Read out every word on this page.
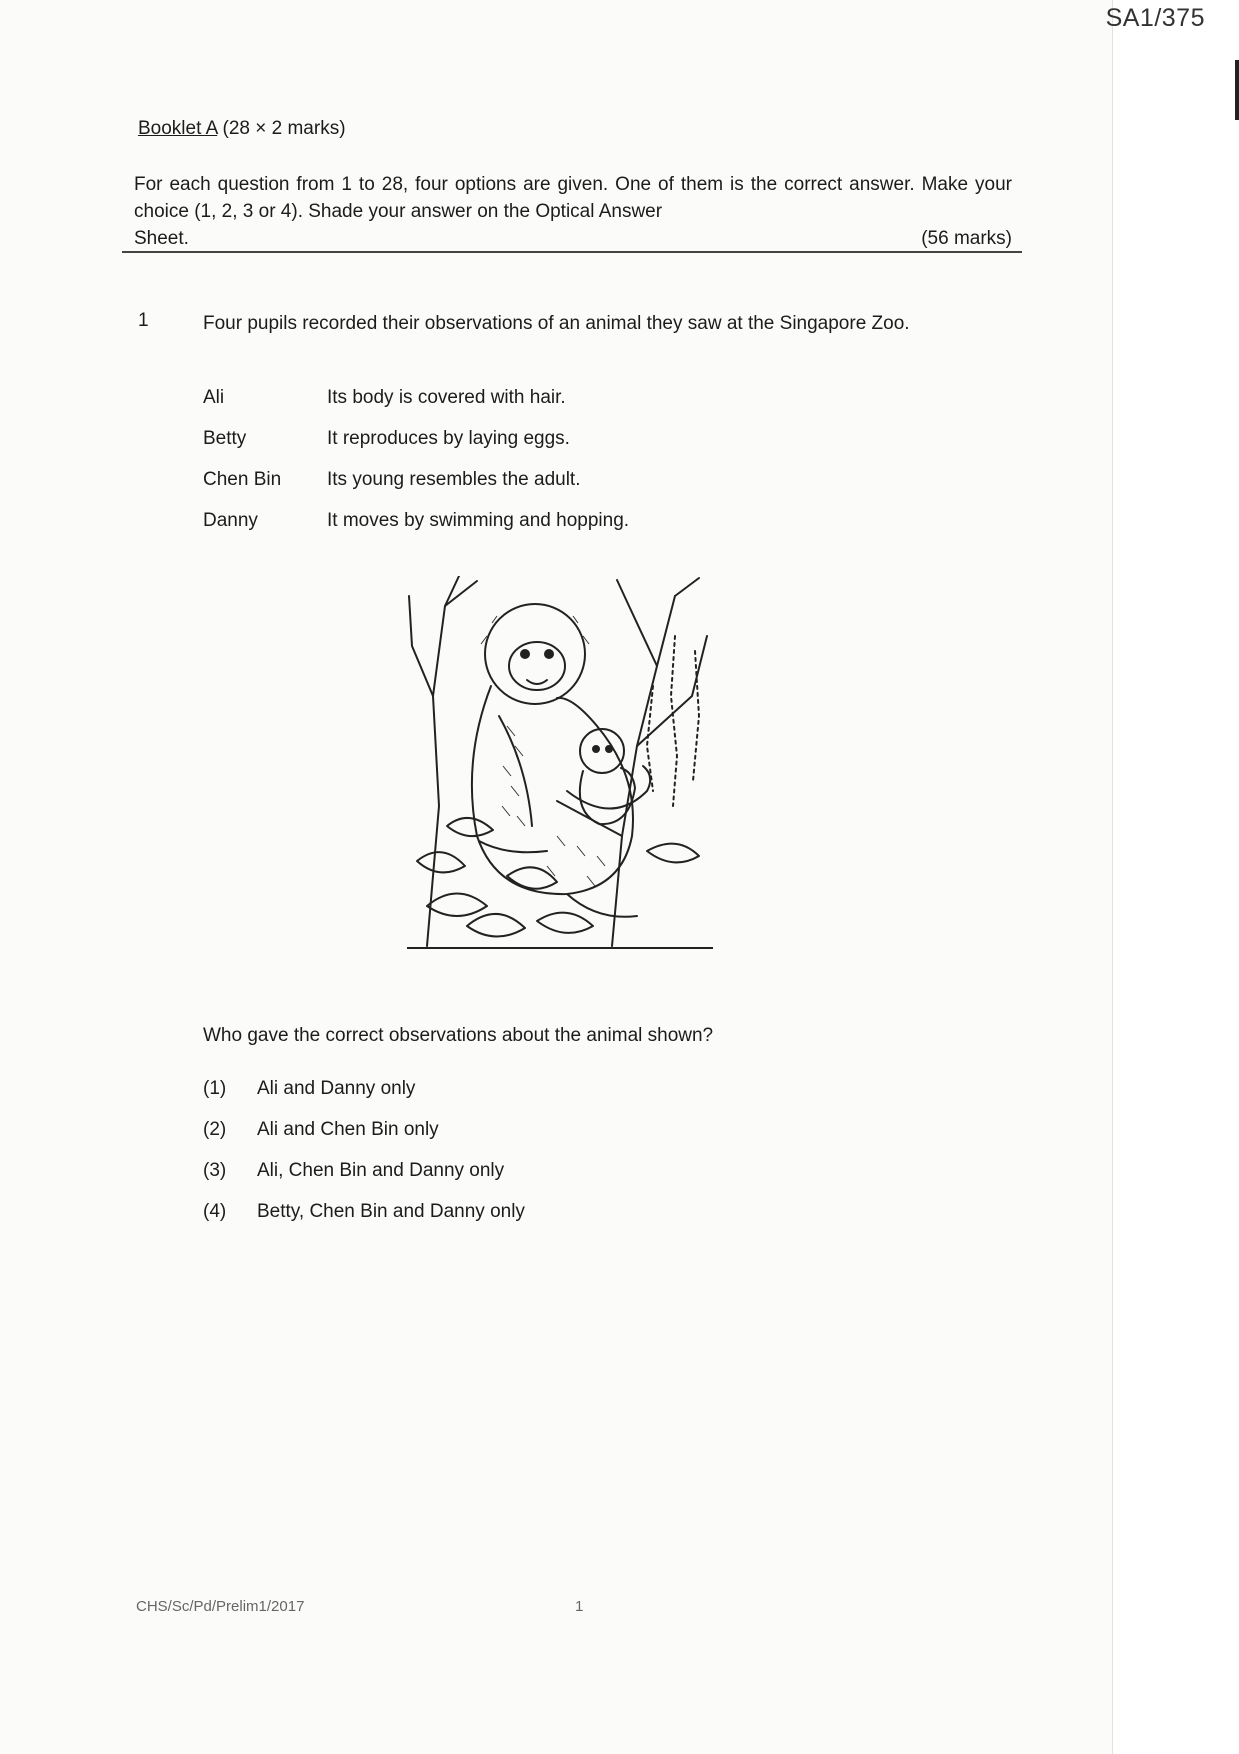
Booklet A (28 × 2 marks)
For each question from 1 to 28, four options are given. One of them is the correct answer. Make your choice (1, 2, 3 or 4). Shade your answer on the Optical Answer
Sheet.	(56 marks)
1	Four pupils recorded their observations of an animal they saw at the Singapore Zoo.
Ali	Its body is covered with hair.
Betty	It reproduces by laying eggs.
Chen Bin	Its young resembles the adult.
Danny	It moves by swimming and hopping.
Who gave the correct observations about the animal shown?
(1)	Ali and Danny only
(2)	Ali and Chen Bin only
(3)	Ali, Chen Bin and Danny only
(4)	Betty, Chen Bin and Danny only
CHS/Sc/Pd/Prelim1/2017	1
SA1/375
